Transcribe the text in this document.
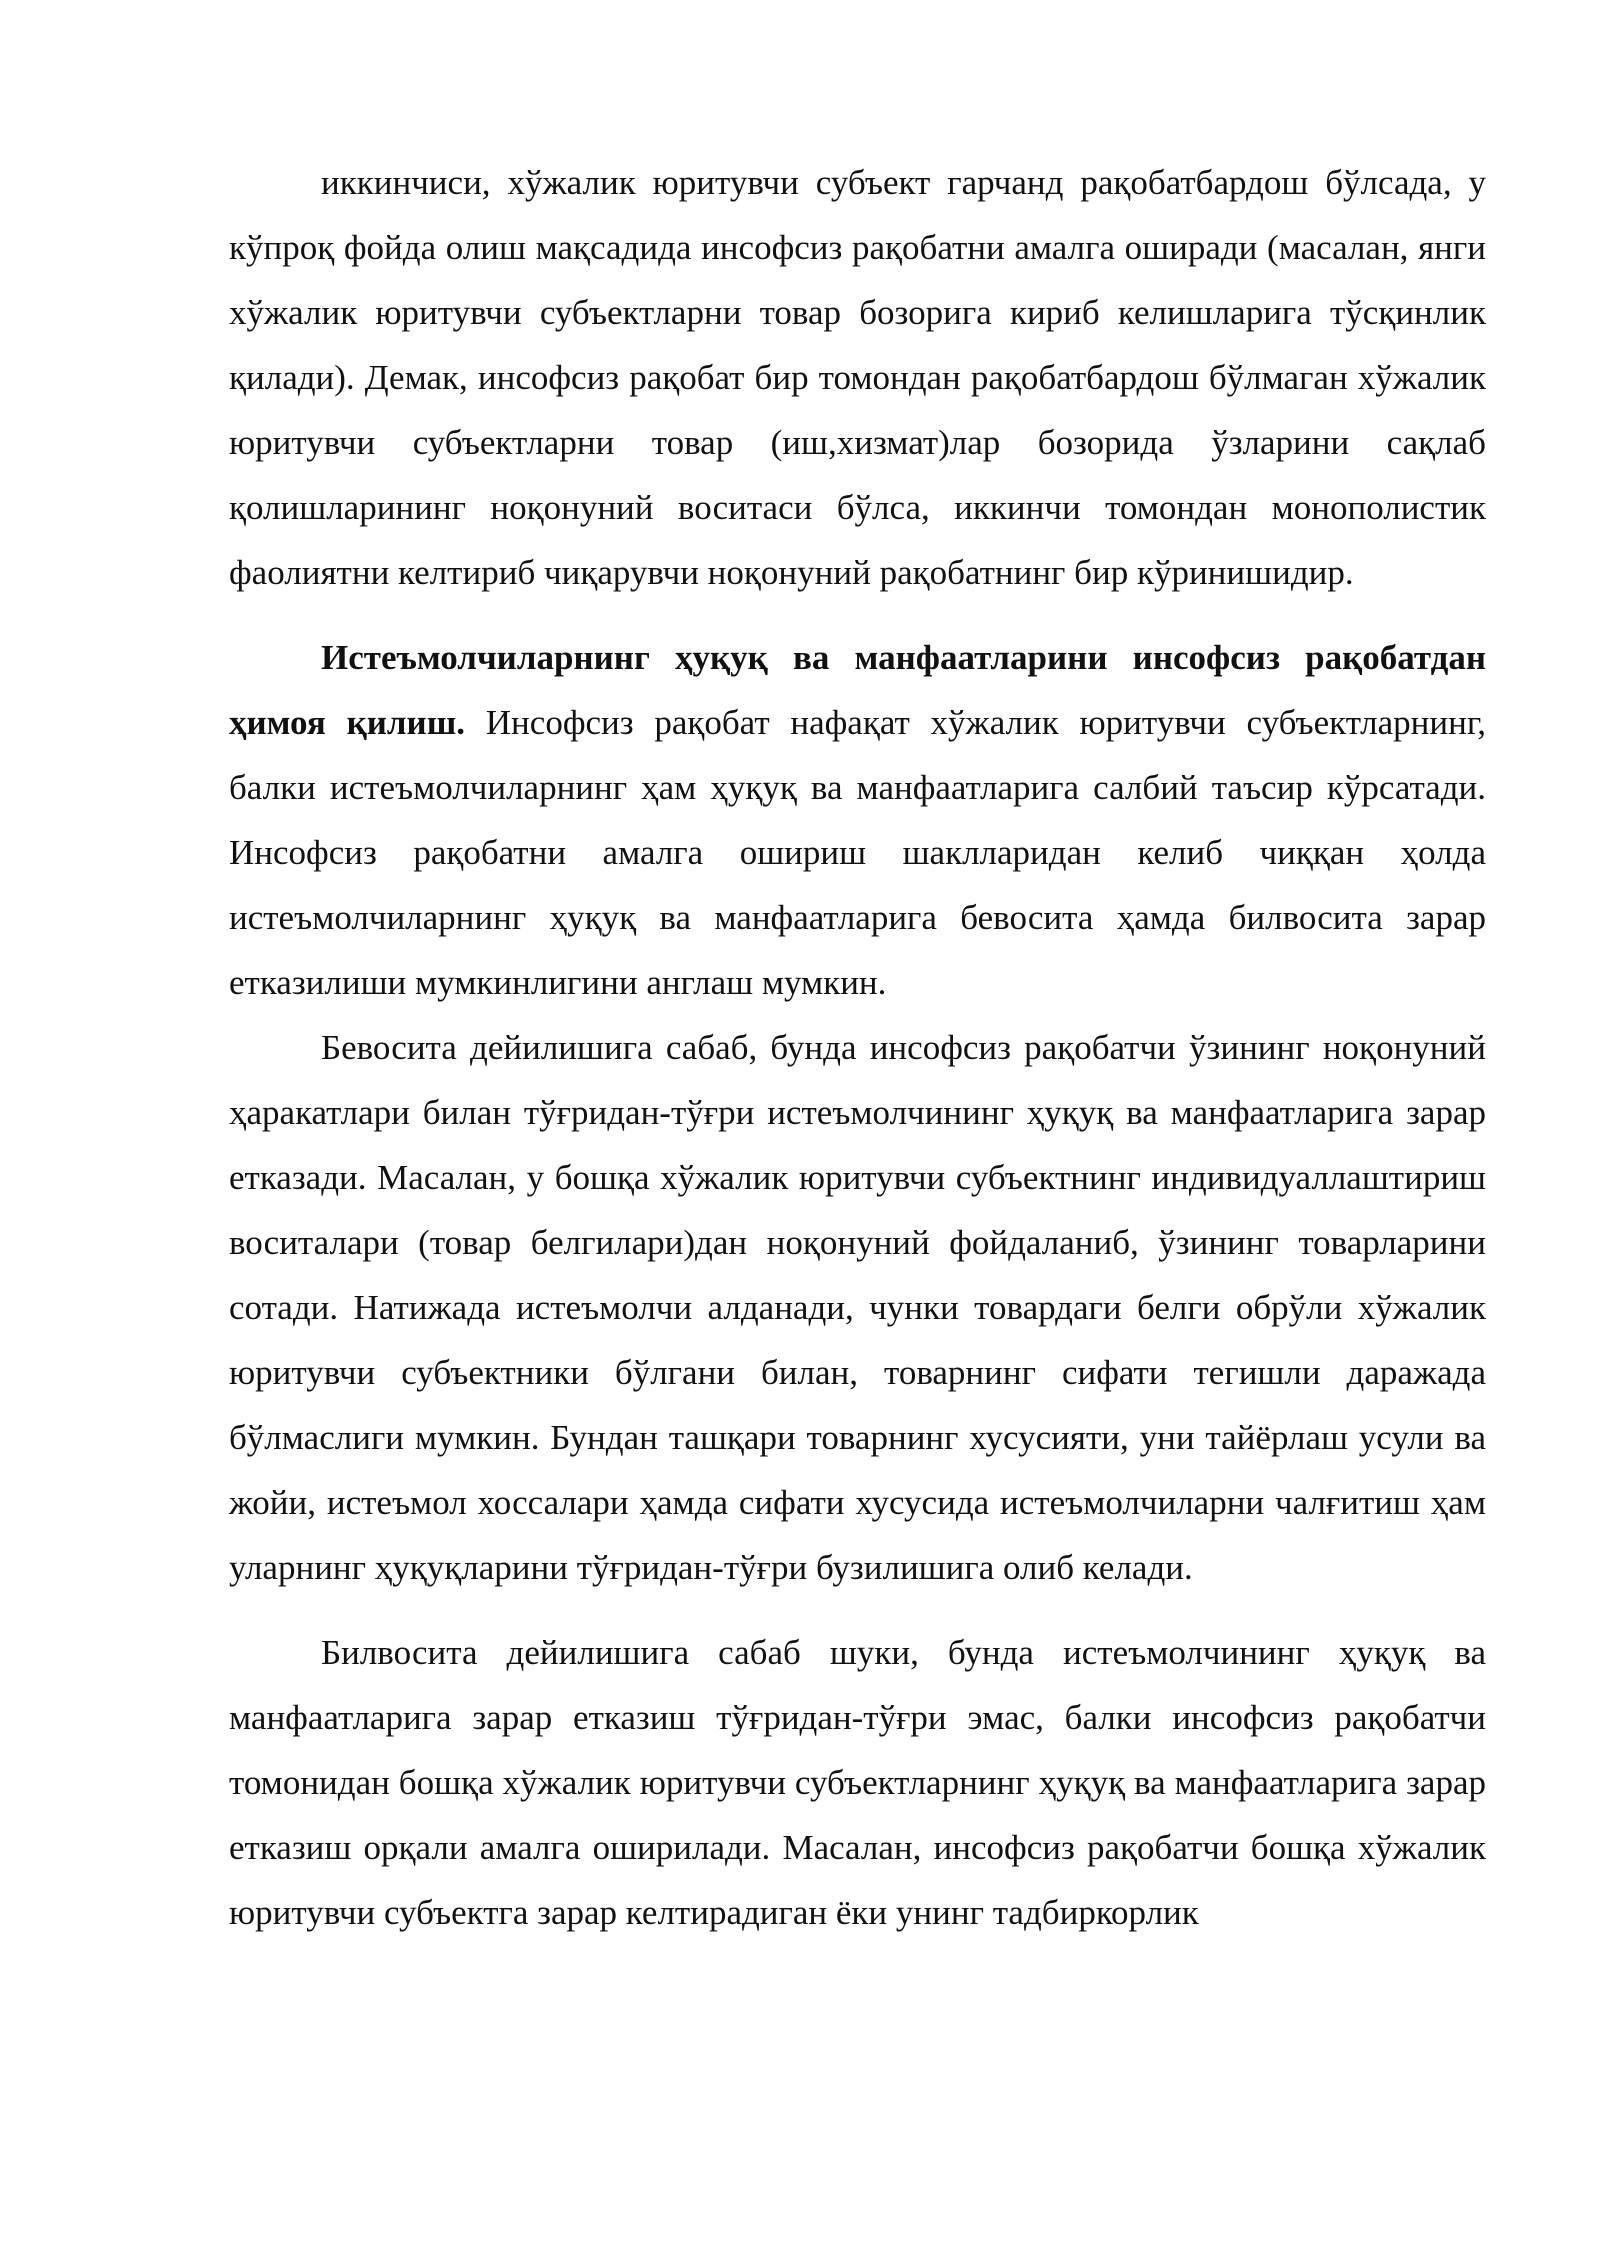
иккинчиси, хўжалик юритувчи субъект гарчанд рақобатбардош бўлсада, у кўпроқ фойда олиш мақсадида инсофсиз рақобатни амалга оширади (масалан, янги хўжалик юритувчи субъектларни товар бозорига кириб келишларига тўсқинлик қилади). Демак, инсофсиз рақобат бир томондан рақобатбардош бўлмаган хўжалик юритувчи субъектларни товар (иш,хизмат)лар бозорида ўзларини сақлаб қолишларининг ноқонуний воситаси бўлса, иккинчи томондан монополистик фаолиятни келтириб чиқарувчи ноқонуний рақобатнинг бир кўринишидир.

Истеъмолчиларнинг ҳуқуқ ва манфаатларини инсофсиз рақобатдан ҳимоя қилиш. Инсофсиз рақобат нафақат хўжалик юритувчи субъектларнинг, балки истеъмолчиларнинг ҳам ҳуқуқ ва манфаатларига салбий таъсир кўрсатади. Инсофсиз рақобатни амалга ошириш шаклларидан келиб чиққан ҳолда истеъмолчиларнинг ҳуқуқ ва манфаатларига бевосита ҳамда билвосита зарар етказилиши мумкинлигини англаш мумкин.

Бевосита дейилишига сабаб, бунда инсофсиз рақобатчи ўзининг ноқонуний ҳаракатлари билан тўғридан-тўғри истеъмолчининг ҳуқуқ ва манфаатларига зарар етказади. Масалан, у бошқа хўжалик юритувчи субъектнинг индивидуаллаштириш воситалари (товар белгилари)дан ноқонуний фойдаланиб, ўзининг товарларини сотади. Натижада истеъмолчи алданади, чунки товардаги белги обрўли хўжалик юритувчи субъектники бўлгани билан, товарнинг сифати тегишли даражада бўлмаслиги мумкин. Бундан ташқари товарнинг хусусияти, уни тайёрлаш усули ва жойи, истеъмол хоссалари ҳамда сифати хусусида истеъмолчиларни чалғитиш ҳам уларнинг ҳуқуқларини тўғридан-тўғри бузилишига олиб келади.

Билвосита дейилишига сабаб шуки, бунда истеъмолчининг ҳуқуқ ва манфаатларига зарар етказиш тўғридан-тўғри эмас, балки инсофсиз рақобатчи томонидан бошқа хўжалик юритувчи субъектларнинг ҳуқуқ ва манфаатларига зарар етказиш орқали амалга оширилади. Масалан, инсофсиз рақобатчи бошқа хўжалик юритувчи субъектга зарар келтирадиган ёки унинг тадбиркорлик
